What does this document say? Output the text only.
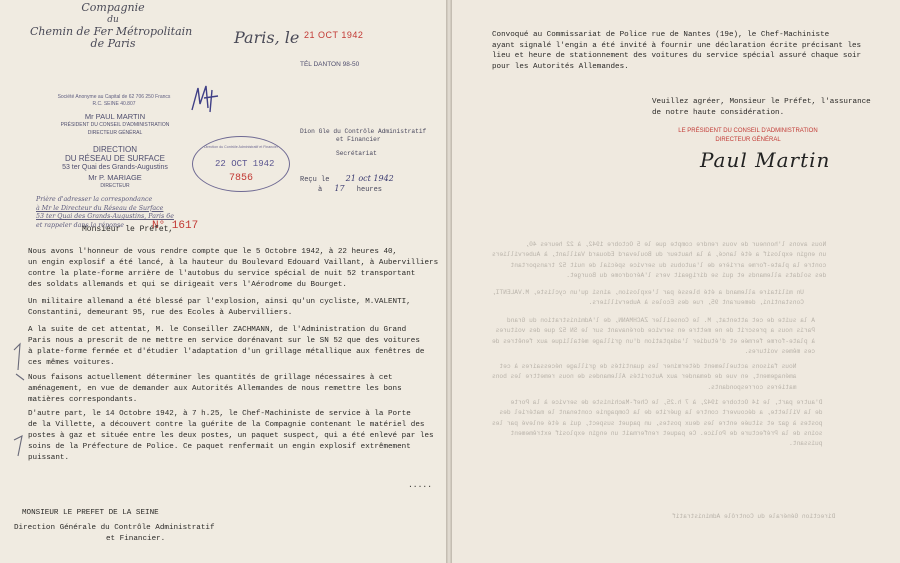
Compagnie
du
Chemin de Fer Métropolitain
de Paris
Société Anonyme au Capital de 62 706 250 Francs
R.C. SEINE 40.807
Mr PAUL MARTIN
PRÉSIDENT DU CONSEIL D'ADMINISTRATION
DIRECTEUR GÉNÉRAL
DIRECTION
DU RÉSEAU DE SURFACE
53 ter Quai des Grands-Augustins
Mr P. MARIAGE
DIRECTEUR
Prière d'adresser la correspondance
à Mr le Directeur du Réseau de Surface
53 ter Quai des Grands-Augustins, Paris 6e
et rappeler dans la réponse	N° 1617
Paris, le 21 OCT 1942
TÉL DANTON 98-50
Direction du Contrôle Administratif et Financier
22 OCT 1942
7856
Dion Gle du Contrôle Administratif
et Financier
Secrétariat
Reçu le 21 oct 1942
à 17 heures
Monsieur le Préfet,
Nous avons l'honneur de vous rendre compte que le 5 Octobre 1942, à 22 heures 40,
un engin explosif a été lancé, à la hauteur du Boulevard Edouard Vaillant, à Aubervilliers
contre la plate-forme arrière de l'autobus du service spécial de nuit 52 transportant
des soldats allemands et qui se dirigeait vers l'Aérodrome du Bourget.
Un militaire allemand a été blessé par l'explosion, ainsi qu'un cycliste, M.VALENTI,
Constantini, demeurant 95, rue des Ecoles à Aubervilliers.
A la suite de cet attentat, M. le Conseiller ZACHMANN, de l'Administration du Grand
Paris nous a prescrit de ne mettre en service dorénavant sur le SN 52 que des voitures
à plate-forme fermée et d'étudier l'adaptation d'un grillage métallique aux fenêtres de
ces mêmes voitures.
Nous faisons actuellement déterminer les quantités de grillage nécessaires à cet
aménagement, en vue de demander aux Autorités Allemandes de nous remettre les bons
matières correspondants.
D'autre part, le 14 Octobre 1942, à 7 h.25, le Chef-Machiniste de service à la Porte
de la Villette, a découvert contre la guérite de la Compagnie contenant le matériel des
postes à gaz et située entre les deux postes, un paquet suspect, qui a été enlevé par les
soins de la Préfecture de Police. Ce paquet renfermait un engin explosif extrêmement
puissant.
.....
MONSIEUR LE PREFET DE LA SEINE
Direction Générale du Contrôle Administratif
et Financier.
Convoqué au Commissariat de Police rue de Nantes (19e), le Chef-Machiniste
ayant signalé l'engin a été invité à fournir une déclaration écrite précisant les
lieu et heure de stationnement des voitures du service spécial assuré chaque soir
pour les Autorités Allemandes.
Veuillez agréer, Monsieur le Préfet, l'assurance
de notre haute considération.
LE PRÉSIDENT DU CONSEIL D'ADMINISTRATION
DIRECTEUR GÉNÉRAL
Paul Martin
Nous avons l'honneur de vous rendre compte que le 5 Octobre 1942, à 22 heures 40,
un engin explosif a été lancé, à la hauteur du Boulevard Edouard Vaillant, à Aubervilliers
contre la plate-forme arrière de l'autobus du service spécial de nuit 52 transportant
des soldats allemands et qui se dirigeait vers l'Aérodrome du Bourget.
Un militaire allemand a été blessé par l'explosion, ainsi qu'un cycliste, M.VALENTI,
Constantini, demeurant 95, rue des Ecoles à Aubervilliers.
A la suite de cet attentat, M. le Conseiller ZACHMANN, de l'Administration du Grand
Paris nous a prescrit de ne mettre en service dorénavant sur le SN 52 que des voitures
à plate-forme fermée et d'étudier l'adaptation d'un grillage métallique aux fenêtres de
ces mêmes voitures.
Nous faisons actuellement déterminer les quantités de grillage nécessaires à cet
aménagement, en vue de demander aux Autorités Allemandes de nous remettre les bons
matières correspondants.
D'autre part, le 14 Octobre 1942, à 7 h.25, le Chef-Machiniste de service à la Porte
de la Villette, a découvert contre la guérite de la Compagnie contenant le matériel des
postes à gaz et située entre les deux postes, un paquet suspect, qui a été enlevé par les
soins de la Préfecture de Police. Ce paquet renfermait un engin explosif extrêmement
puissant.
Direction Générale du Contrôle Administratif
